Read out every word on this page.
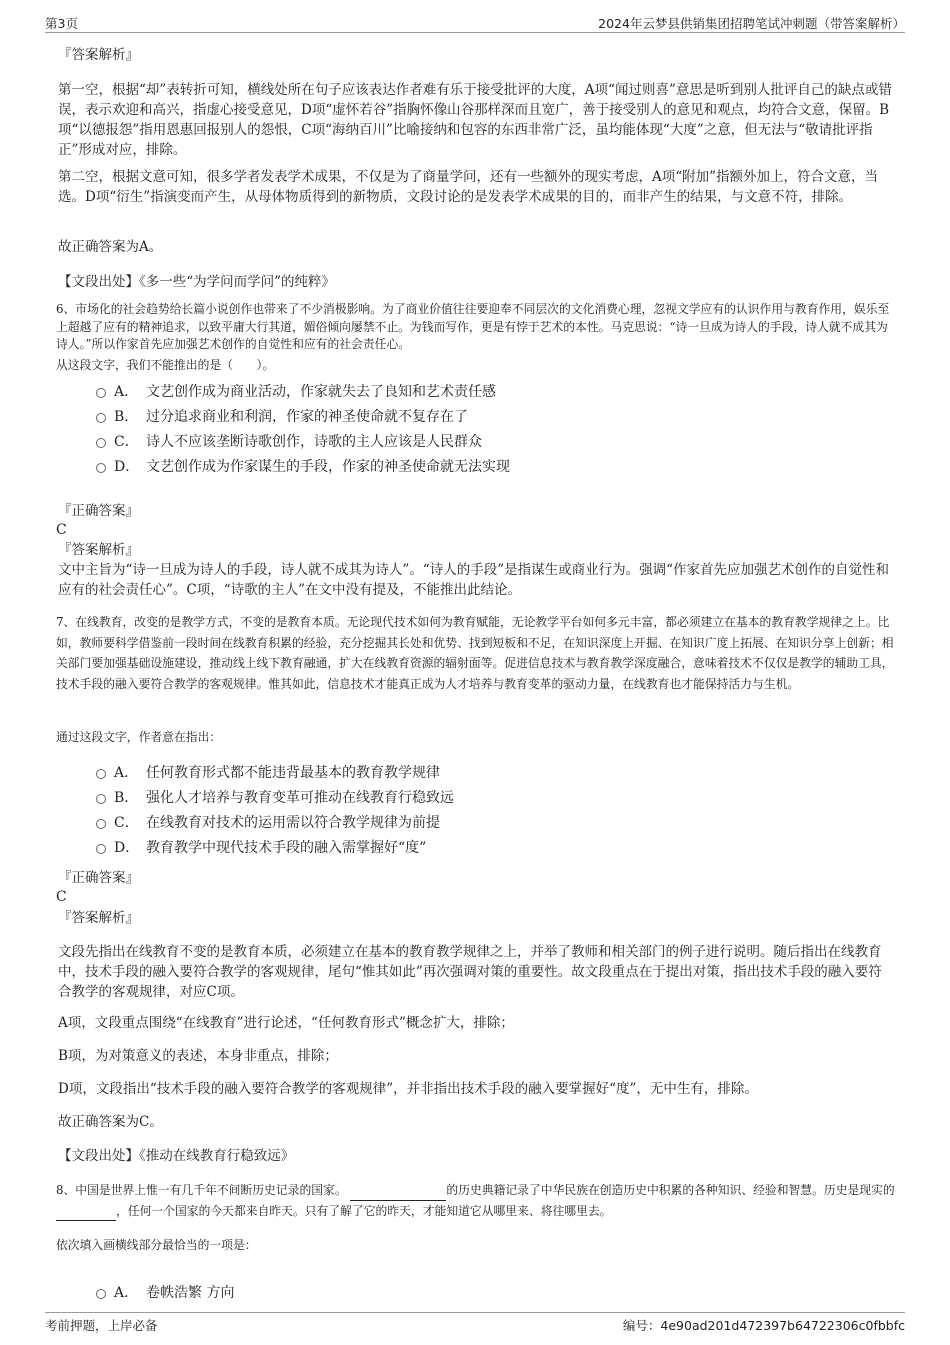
第3页	2024年云梦县供销集团招聘笔试冲刺题（带答案解析）
『答案解析』
第一空，根据“却”表转折可知，横线处所在句子应该表达作者难有乐于接受批评的大度，A项“闻过则喜”意思是听到别人批评自己的缺点或错误，表示欢迎和高兴，指虚心接受意见，D项“虚怀若谷”指胸怀像山谷那样深而且宽广，善于接受别人的意见和观点，均符合文意，保留。B项“以德报怨”指用恩惠回报别人的怨恨，C项“海纳百川”比喻接纳和包容的东西非常广泛，虽均能体现“大度”之意，但无法与“敬请批评指正”形成对应，排除。
第二空，根据文意可知，很多学者发表学术成果，不仅是为了商量学问，还有一些额外的现实考虑，A项“附加”指额外加上，符合文意，当选。D项“衍生”指演变而产生，从母体物质得到的新物质，文段讨论的是发表学术成果的目的，而非产生的结果，与文意不符，排除。
故正确答案为A。
【文段出处】《多一些“为学问而学问”的纯粹》
6、市场化的社会趋势给长篇小说创作也带来了不少消极影响。为了商业价值往往要迎奉不同层次的文化消费心理，忽视文学应有的认识作用与教育作用，娱乐至上超越了应有的精神追求，以致平庸大行其道，媚俗倾向屡禁不止。为钱而写作，更是有悖于艺术的本性。马克思说：“诗一旦成为诗人的手段，诗人就不成其为诗人。”所以作家首先应加强艺术创作的自觉性和应有的社会责任心。
从这段文字，我们不能推出的是（　　）。
A． 文艺创作成为商业活动，作家就失去了良知和艺术责任感
B． 过分追求商业和利润，作家的神圣使命就不复存在了
C． 诗人不应该垄断诗歌创作，诗歌的主人应该是人民群众
D． 文艺创作成为作家谋生的手段，作家的神圣使命就无法实现
『正确答案』
C
『答案解析』
文中主旨为“诗一旦成为诗人的手段，诗人就不成其为诗人”。“诗人的手段”是指谋生或商业行为。强调“作家首先应加强艺术创作的自觉性和应有的社会责任心”。C项，“诗歌的主人”在文中没有提及，不能推出此结论。
7、在线教育，改变的是教学方式，不变的是教育本质。无论现代技术如何为教育赋能，无论教学平台如何多元丰富，都必须建立在基本的教育教学规律之上。比如，教师要科学借鉴前一段时间在线教育积累的经验，充分挖掘其长处和优势、找到短板和不足，在知识深度上开掘、在知识广度上拓展、在知识分享上创新；相关部门要加强基础设施建设，推动线上线下教育融通，扩大在线教育资源的辐射面等。促进信息技术与教育教学深度融合，意味着技术不仅仅是教学的辅助工具，技术手段的融入要符合教学的客观规律。惟其如此，信息技术才能真正成为人才培养与教育变革的驱动力量，在线教育也才能保持活力与生机。
通过这段文字，作者意在指出：
A． 任何教育形式都不能违背最基本的教育教学规律
B． 强化人才培养与教育变革可推动在线教育行稳致远
C． 在线教育对技术的运用需以符合教学规律为前提
D． 教育教学中现代技术手段的融入需掌握好“度”
『正确答案』
C
『答案解析』
文段先指出在线教育不变的是教育本质，必须建立在基本的教育教学规律之上，并举了教师和相关部门的例子进行说明。随后指出在线教育中，技术手段的融入要符合教学的客观规律，尾句“惟其如此”再次强调对策的重要性。故文段重点在于提出对策，指出技术手段的融入要符合教学的客观规律，对应C项。
A项，文段重点围绕“在线教育”进行论述，“任何教育形式”概念扩大，排除；
B项，为对策意义的表述，本身非重点，排除；
D项，文段指出“技术手段的融入要符合教学的客观规律”，并非指出技术手段的融入要掌握好“度”，无中生有，排除。
故正确答案为C。
【文段出处】《推动在线教育行稳致远》
8、中国是世界上惟一有几千年不间断历史记录的国家。	的历史典籍记录了中华民族在创造历史中积累的各种知识、经验和智慧。历史是现实的 ，任何一个国家的今天都来自昨天。只有了解了它的昨天，才能知道它从哪里来、将往哪里去。
依次填入画横线部分最恰当的一项是：
A． 卷帙浩繁 方向
考前押题，上岸必备	编号：4e90ad201d472397b64722306c0fbbfc
